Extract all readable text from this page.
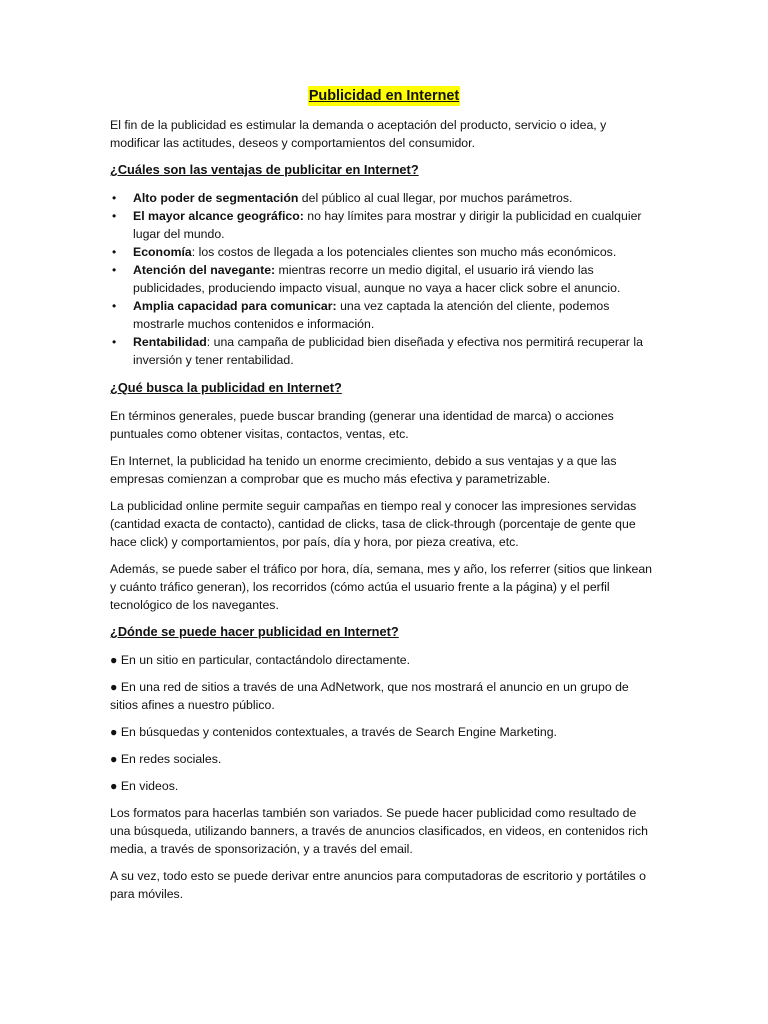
Publicidad en Internet

El fin de la publicidad es estimular la demanda o aceptación del producto, servicio o idea, y modificar las actitudes, deseos y comportamientos del consumidor.

¿Cuáles son las ventajas de publicitar en Internet?

• Alto poder de segmentación del público al cual llegar, por muchos parámetros.
• El mayor alcance geográfico: no hay límites para mostrar y dirigir la publicidad en cualquier lugar del mundo.
• Economía: los costos de llegada a los potenciales clientes son mucho más económicos.
• Atención del navegante: mientras recorre un medio digital, el usuario irá viendo las publicidades, produciendo impacto visual, aunque no vaya a hacer click sobre el anuncio.
• Amplia capacidad para comunicar: una vez captada la atención del cliente, podemos mostrarle muchos contenidos e información.
• Rentabilidad: una campaña de publicidad bien diseñada y efectiva nos permitirá recuperar la inversión y tener rentabilidad.

¿Qué busca la publicidad en Internet?

En términos generales, puede buscar branding (generar una identidad de marca) o acciones puntuales como obtener visitas, contactos, ventas, etc.

En Internet, la publicidad ha tenido un enorme crecimiento, debido a sus ventajas y a que las empresas comienzan a comprobar que es mucho más efectiva y parametrizable.

La publicidad online permite seguir campañas en tiempo real y conocer las impresiones servidas (cantidad exacta de contacto), cantidad de clicks, tasa de click-through (porcentaje de gente que hace click) y comportamientos, por país, día y hora, por pieza creativa, etc.

Además, se puede saber el tráfico por hora, día, semana, mes y año, los referrer (sitios que linkean y cuánto tráfico generan), los recorridos (cómo actúa el usuario frente a la página) y el perfil tecnológico de los navegantes.

¿Dónde se puede hacer publicidad en Internet?

● En un sitio en particular, contactándolo directamente.

● En una red de sitios a través de una AdNetwork, que nos mostrará el anuncio en un grupo de sitios afines a nuestro público.

● En búsquedas y contenidos contextuales, a través de Search Engine Marketing.

● En redes sociales.

● En videos.

Los formatos para hacerlas también son variados. Se puede hacer publicidad como resultado de una búsqueda, utilizando banners, a través de anuncios clasificados, en videos, en contenidos rich media, a través de sponsorización, y a través del email.

A su vez, todo esto se puede derivar entre anuncios para computadoras de escritorio y portátiles o para móviles.
